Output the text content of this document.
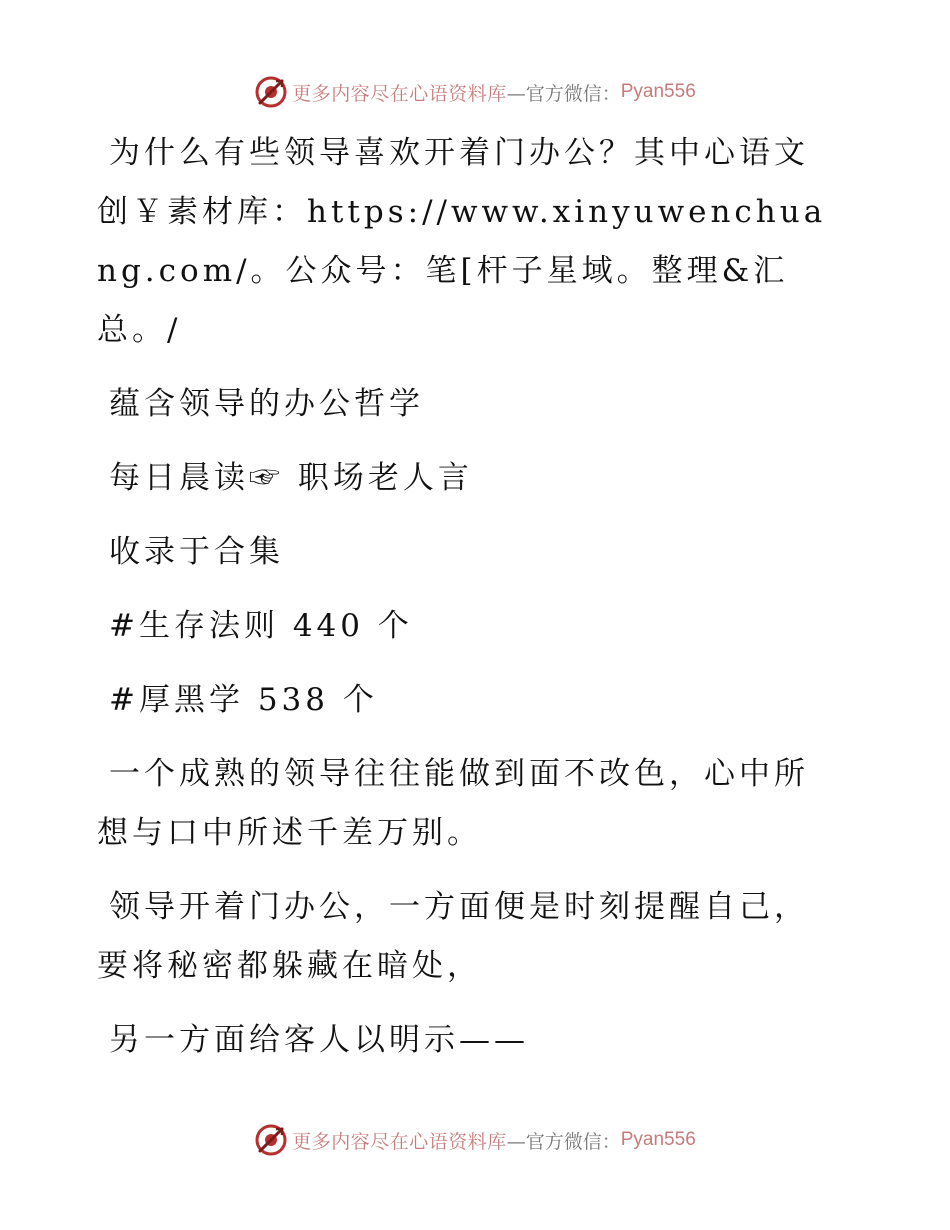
更多内容尽在心语资料库 —官方微信： Pyan556

为什么有些领导喜欢开着门办公？其中心语文创￥素材库：https://www.xinyuwenchuang.com/。公众号：笔[杆子星域。整理&汇总。/

蕴含领导的办公哲学

每日晨读☞ 职场老人言

收录于合集

#生存法则 440 个

#厚黑学 538 个

一个成熟的领导往往能做到面不改色，心中所想与口中所述千差万别。

领导开着门办公，一方面便是时刻提醒自己，要将秘密都躲藏在暗处，

另一方面给客人以明示——

更多内容尽在心语资料库 —官方微信： Pyan556
